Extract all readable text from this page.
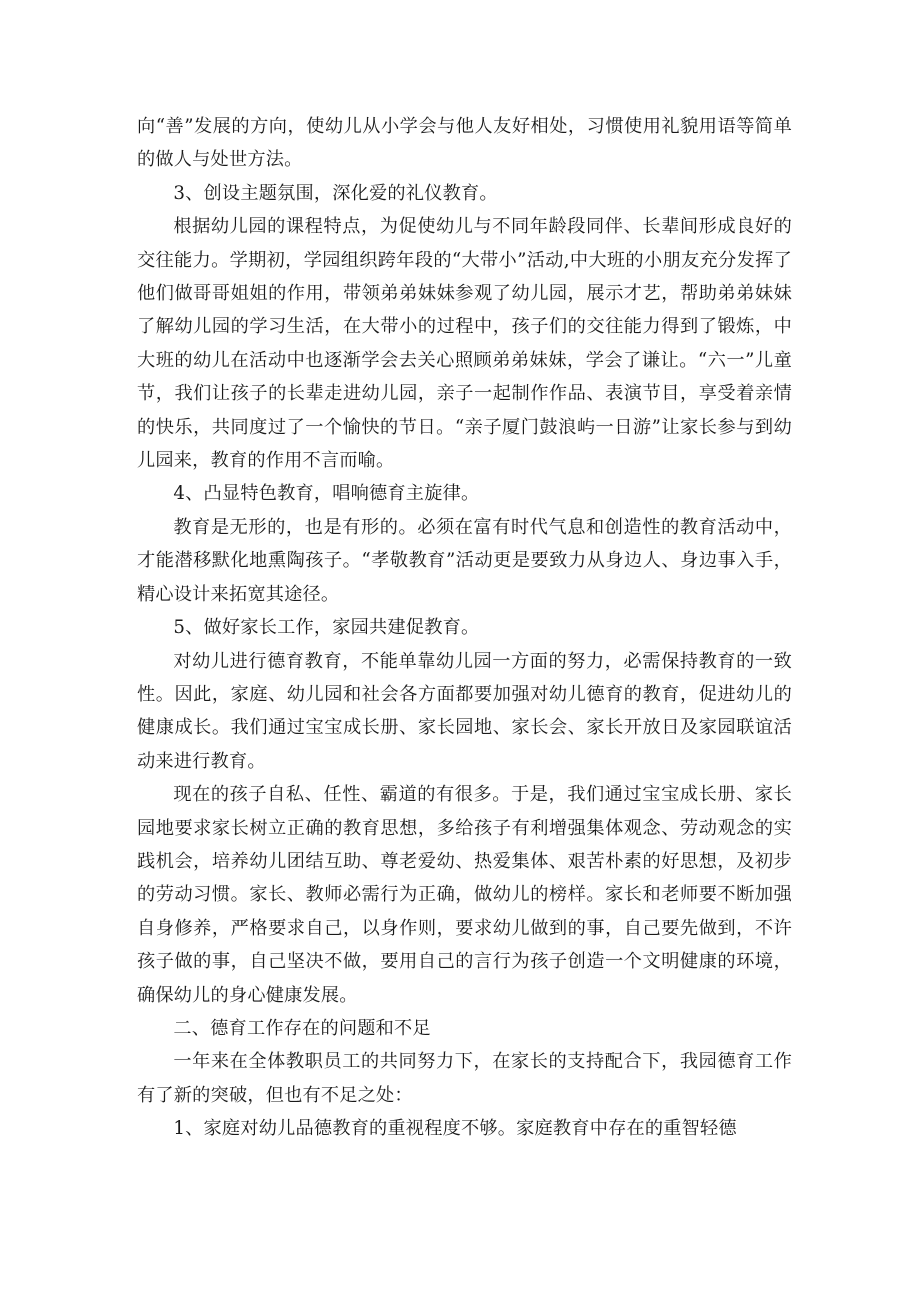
向“善”发展的方向，使幼儿从小学会与他人友好相处，习惯使用礼貌用语等简单的做人与处世方法。

3、创设主题氛围，深化爱的礼仪教育。

根据幼儿园的课程特点，为促使幼儿与不同年龄段同伴、长辈间形成良好的交往能力。学期初，学园组织跨年段的“大带小”活动,中大班的小朋友充分发挥了他们做哥哥姐姐的作用，带领弟弟妹妹参观了幼儿园，展示才艺，帮助弟弟妹妹了解幼儿园的学习生活，在大带小的过程中，孩子们的交往能力得到了锻炼，中大班的幼儿在活动中也逐渐学会去关心照顾弟弟妹妹，学会了谦让。“六一”儿童节，我们让孩子的长辈走进幼儿园，亲子一起制作作品、表演节目，享受着亲情的快乐，共同度过了一个愉快的节日。“亲子厦门鼓浪屿一日游”让家长参与到幼儿园来，教育的作用不言而喻。

4、凸显特色教育，唱响德育主旋律。

教育是无形的，也是有形的。必须在富有时代气息和创造性的教育活动中，才能潜移默化地熏陶孩子。“孝敬教育”活动更是要致力从身边人、身边事入手，精心设计来拓宽其途径。

5、做好家长工作，家园共建促教育。

对幼儿进行德育教育，不能单靠幼儿园一方面的努力，必需保持教育的一致性。因此，家庭、幼儿园和社会各方面都要加强对幼儿德育的教育，促进幼儿的健康成长。我们通过宝宝成长册、家长园地、家长会、家长开放日及家园联谊活动来进行教育。

现在的孩子自私、任性、霸道的有很多。于是，我们通过宝宝成长册、家长园地要求家长树立正确的教育思想，多给孩子有利增强集体观念、劳动观念的实践机会，培养幼儿团结互助、尊老爱幼、热爱集体、艰苦朴素的好思想，及初步的劳动习惯。家长、教师必需行为正确，做幼儿的榜样。家长和老师要不断加强自身修养，严格要求自己，以身作则，要求幼儿做到的事，自己要先做到，不许孩子做的事，自己坚决不做，要用自己的言行为孩子创造一个文明健康的环境，确保幼儿的身心健康发展。

二、德育工作存在的问题和不足

一年来在全体教职员工的共同努力下，在家长的支持配合下，我园德育工作有了新的突破，但也有不足之处：

1、家庭对幼儿品德教育的重视程度不够。家庭教育中存在的重智轻德
